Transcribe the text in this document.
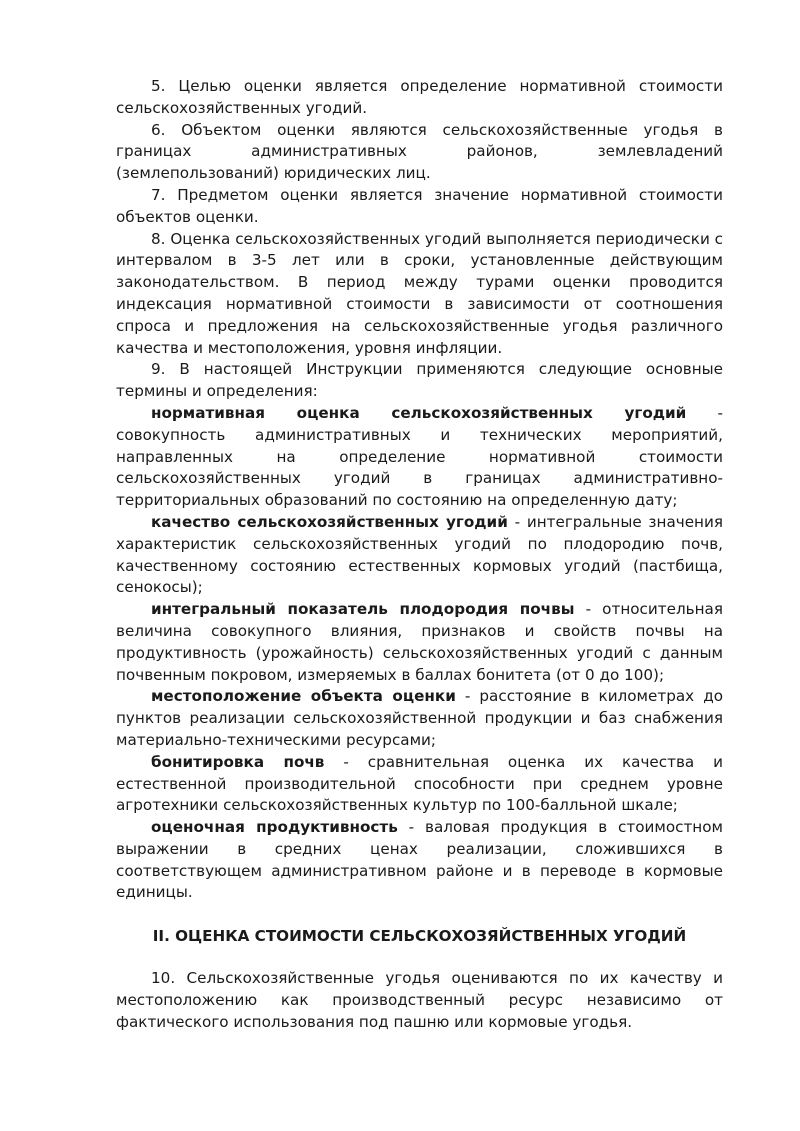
5. Целью оценки является определение нормативной стоимости сельскохозяйственных угодий.

6. Объектом оценки являются сельскохозяйственные угодья в границах административных районов, землевладений (землепользований) юридических лиц.

7. Предметом оценки является значение нормативной стоимости объектов оценки.

8. Оценка сельскохозяйственных угодий выполняется периодически с интервалом в 3-5 лет или в сроки, установленные действующим законодательством. В период между турами оценки проводится индексация нормативной стоимости в зависимости от соотношения спроса и предложения на сельскохозяйственные угодья различного качества и местоположения, уровня инфляции.

9. В настоящей Инструкции применяются следующие основные термины и определения:

нормативная оценка сельскохозяйственных угодий - совокупность административных и технических мероприятий, направленных на определение нормативной стоимости сельскохозяйственных угодий в границах административно-территориальных образований по состоянию на определенную дату;

качество сельскохозяйственных угодий - интегральные значения характеристик сельскохозяйственных угодий по плодородию почв, качественному состоянию естественных кормовых угодий (пастбища, сенокосы);

интегральный показатель плодородия почвы - относительная величина совокупного влияния, признаков и свойств почвы на продуктивность (урожайность) сельскохозяйственных угодий с данным почвенным покровом, измеряемых в баллах бонитета (от 0 до 100);

местоположение объекта оценки - расстояние в километрах до пунктов реализации сельскохозяйственной продукции и баз снабжения материально-техническими ресурсами;

бонитировка почв - сравнительная оценка их качества и естественной производительной способности при среднем уровне агротехники сельскохозяйственных культур по 100-балльной шкале;

оценочная продуктивность - валовая продукция в стоимостном выражении в средних ценах реализации, сложившихся в соответствующем административном районе и в переводе в кормовые единицы.

II. ОЦЕНКА СТОИМОСТИ СЕЛЬСКОХОЗЯЙСТВЕННЫХ УГОДИЙ

10. Сельскохозяйственные угодья оцениваются по их качеству и местоположению как производственный ресурс независимо от фактического использования под пашню или кормовые угодья.
